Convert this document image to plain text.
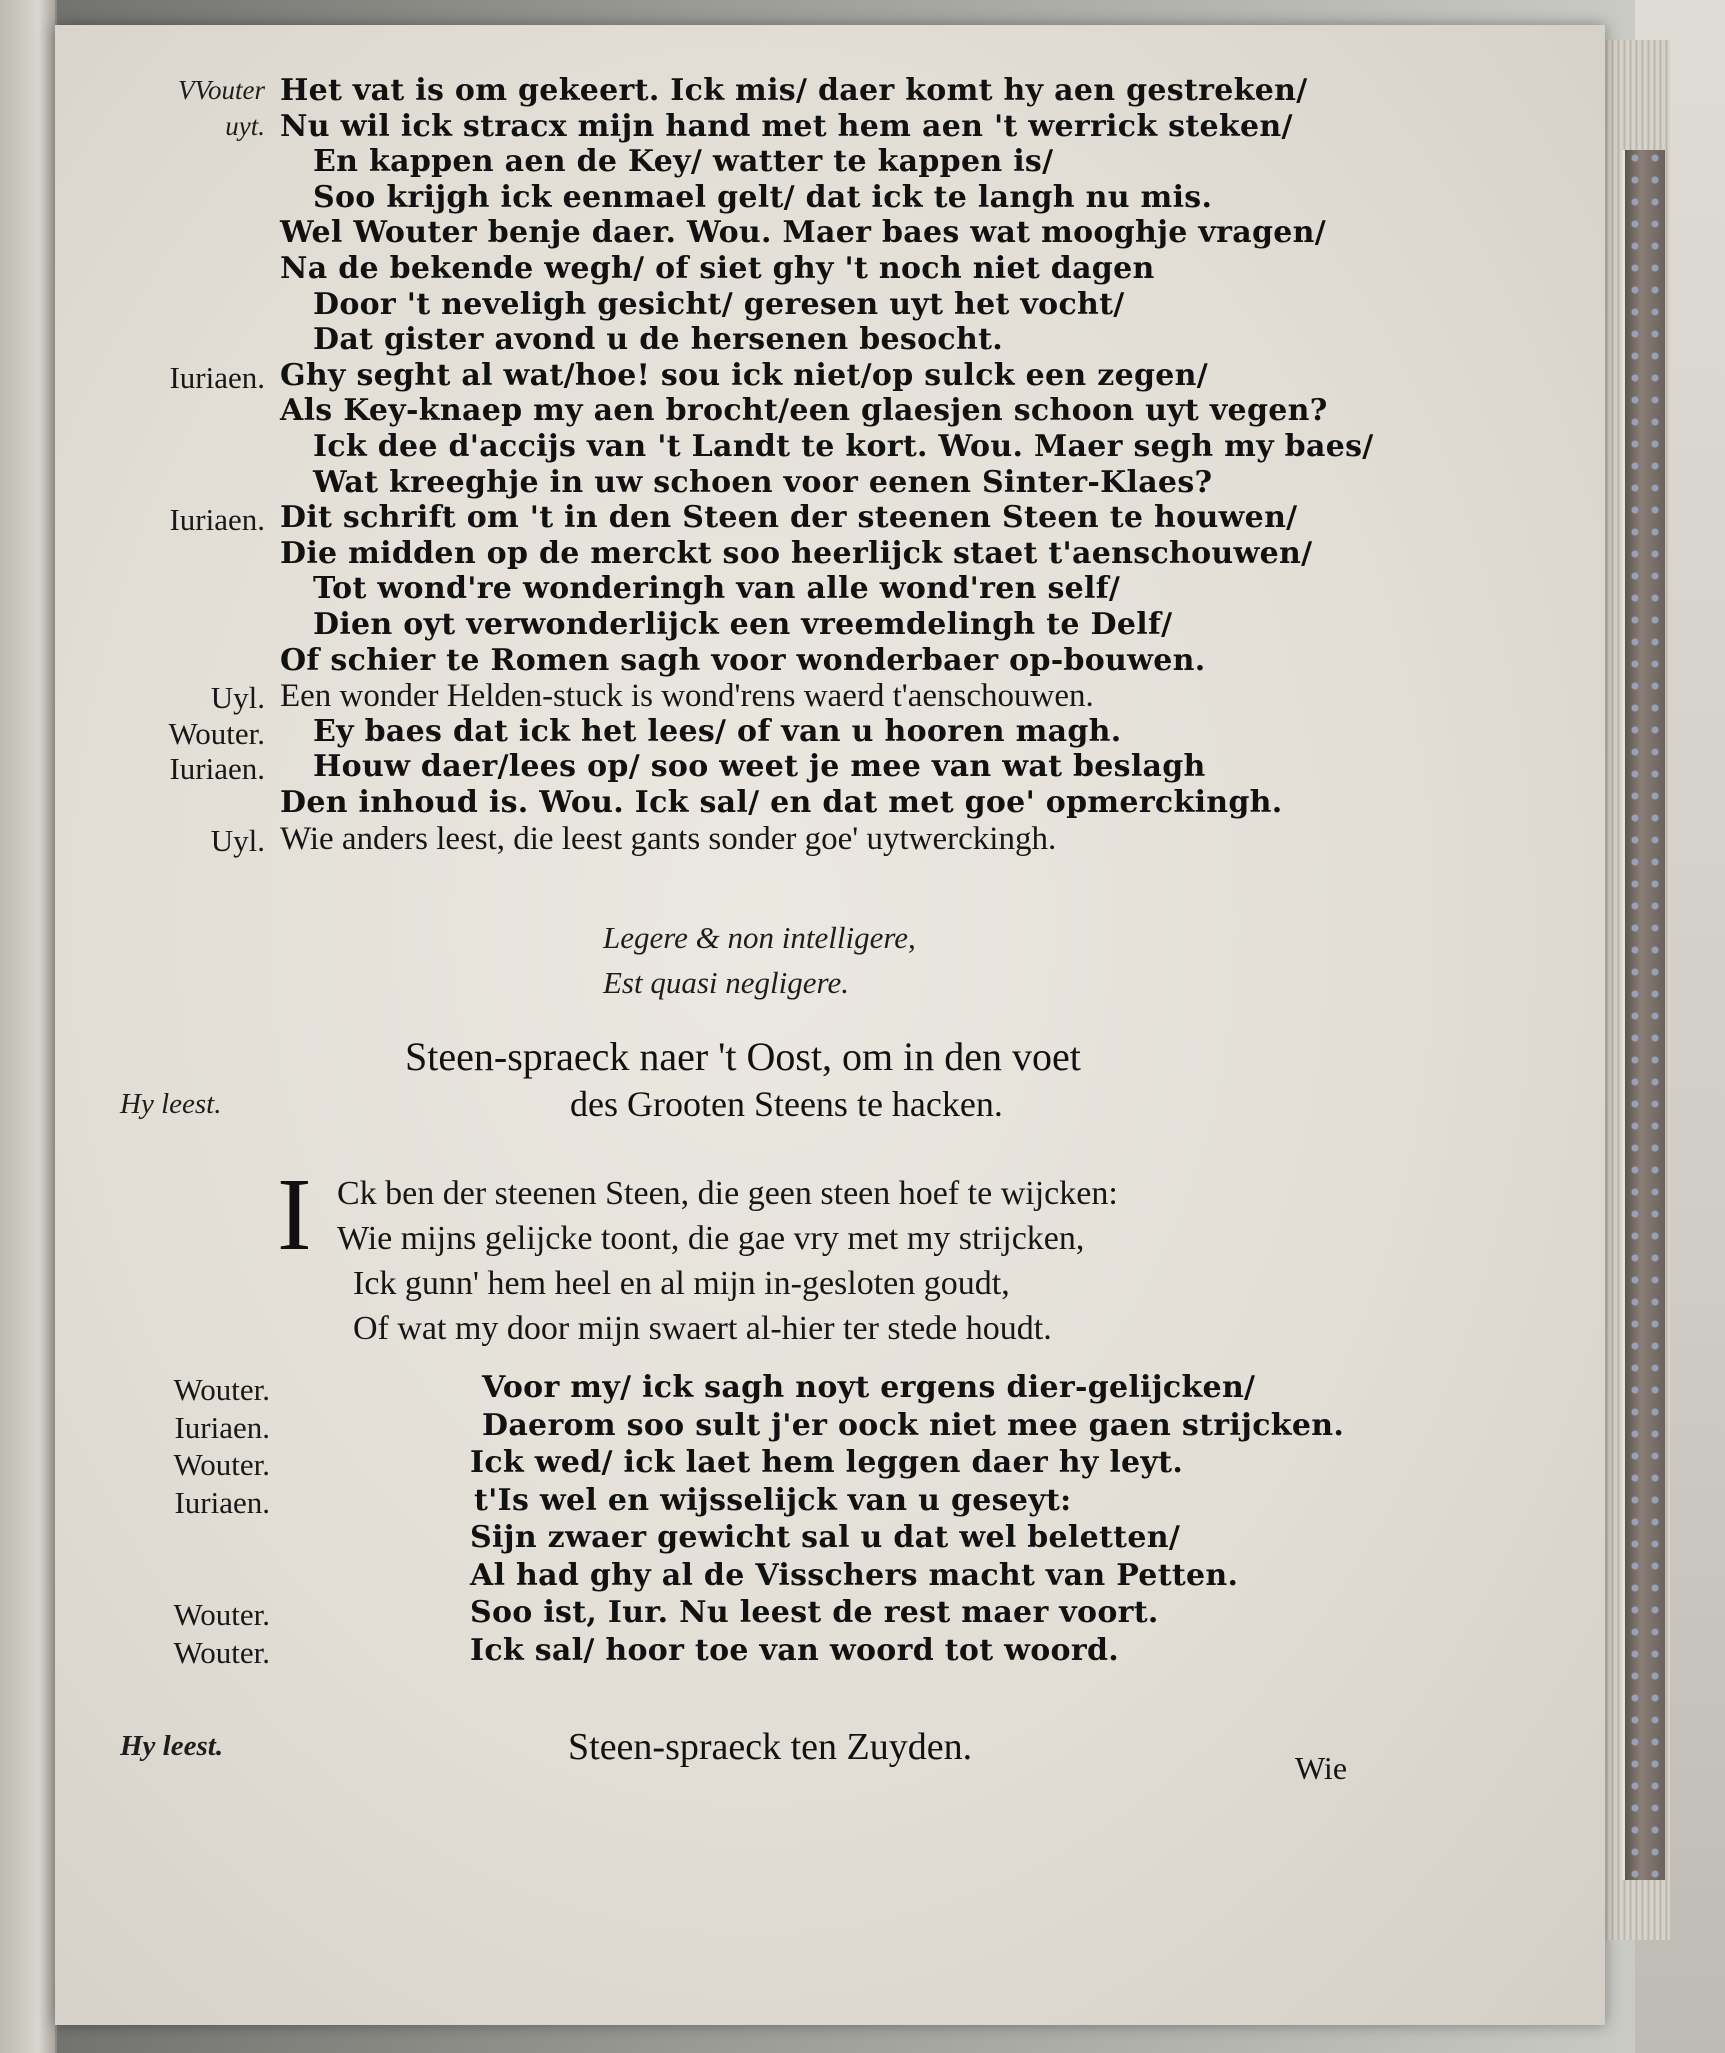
VVouter Het vat is om gekeert. Ick mis/ daer komt hy aen gestreken/
uyt. Nu wil ick stracx mijn hand met hem aen 't werrick steken/
En kappen aen de Key/ watter te kappen is/
Soo krijgh ick eenmael gelt/ dat ick te langh nu mis.
Wel Wouter benje daer. Wou. Maer baes wat mooghje vragen/
Na de bekende wegh/ of siet ghy 't noch niet dagen
Door 't neveligh gesicht/ geresen uyt het vocht/
Dat gister avond u de hersenen besocht.
Iuriaen. Ghy seght al wat/hoe! sou ick niet/op sulck een zegen/
Als Key-knaep my aen brocht/een glaesjen schoon uyt vegen?
Ick dee d'accijs van 't Landt te kort. Wou. Maer segh my baes/
Wat kreeghje in uw schoen voor eenen Sinter-Klaes?
Iuriaen. Dit schrift om 't in den Steen der steenen Steen te houwen/
Die midden op de merckt soo heerlijck staet t'aenschouwen/
Tot wond're wonderingh van alle wond'ren self/
Dien oyt verwonderlijck een vreemdelingh te Delf/
Of schier te Romen sagh voor wonderbaer op-bouwen.
Uyl. Een wonder Helden-stuck is wond'rens waerd t'aenschouwen.
Wouter. Ey baes dat ick het lees/ of van u hooren magh.
Iuriaen. Houw daer/lees op/ soo weet je mee van wat beslagh
Den inhoud is. Wou. Ick sal/ en dat met goe' opmerckingh.
Uyl. Wie anders leest, die leest gants sonder goe' uytwerckingh.
Legere & non intelligere,
Est quasi negligere.
Hy leest.
Steen-spraeck naer 't Oost, om in den voet
des Grooten Steens te hacken.
I Ck ben der steenen Steen, die geen steen hoef te wijcken:
Wie mijns gelijcke toont, die gae vry met my strijcken,
Ick gunn' hem heel en al mijn in-gesloten goudt,
Of wat my door mijn swaert al-hier ter stede houdt.
Wouter.	Voor my/ ick sagh noyt ergens dier-gelijcken/
Iuriaen.	Daerom soo sult j'er oock niet mee gaen strijcken.
Wouter.	Ick wed/ ick laet hem leggen daer hy leyt.
Iuriaen.	t'Is wel en wijsselijck van u geseyt:
Sijn zwaer gewicht sal u dat wel beletten/
Al had ghy al de Visschers macht van Petten.
Wouter.	Soo ist, Iur. Nu leest de rest maer voort.
Wouter.	Ick sal/ hoor toe van woord tot woord.
Hy leest.	Steen-spraeck ten Zuyden.	Wie
